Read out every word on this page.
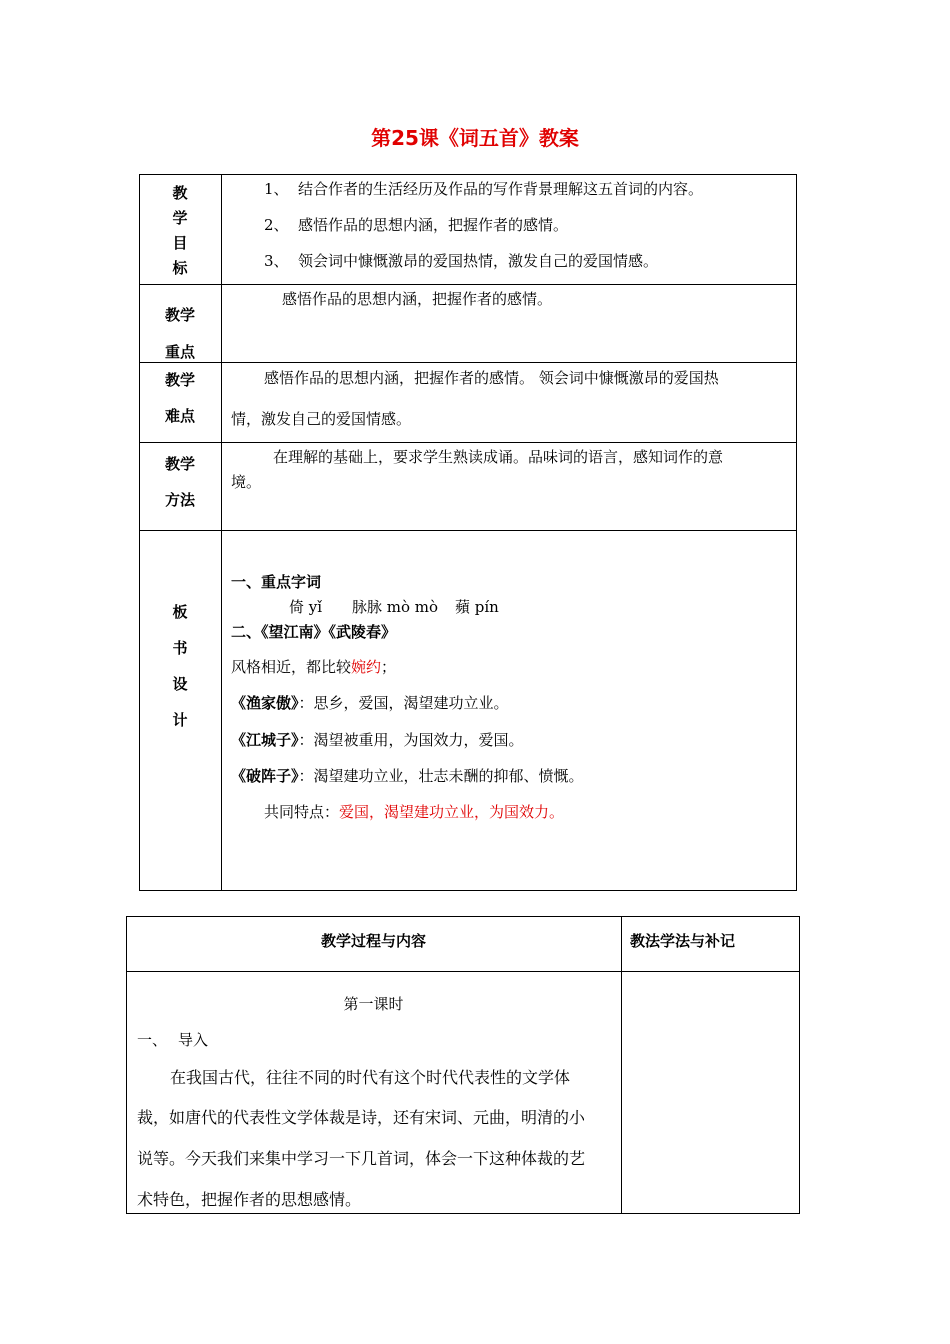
第25课《词五首》教案
教
学
目
标
1、 结合作者的生活经历及作品的写作背景理解这五首词的内容。
2、 感悟作品的思想内涵，把握作者的感情。
3、 领会词中慷慨激昂的爱国热情，激发自己的爱国情感。
教学
重点
感悟作品的思想内涵，把握作者的感情。
教学
难点
感悟作品的思想内涵，把握作者的感情。 领会词中慷慨激昂的爱国热
情，激发自己的爱国情感。
教学
方法
在理解的基础上，要求学生熟读成诵。品味词的语言，感知词作的意
境。
板
书
设
计
一、重点字词
倚 yǐ 脉脉 mò mò 蘋 pín
二、《望江南》《武陵春》
风格相近，都比较婉约；
《渔家傲》：思乡，爱国，渴望建功立业。
《江城子》：渴望被重用，为国效力，爱国。
《破阵子》：渴望建功立业，壮志未酬的抑郁、愤慨。
共同特点：爱国，渴望建功立业，为国效力。
教学过程与内容	教法学法与补记
第一课时
一、 导入
在我国古代，往往不同的时代有这个时代代表性的文学体
裁，如唐代的代表性文学体裁是诗，还有宋词、元曲，明清的小
说等。今天我们来集中学习一下几首词，体会一下这种体裁的艺
术特色，把握作者的思想感情。
